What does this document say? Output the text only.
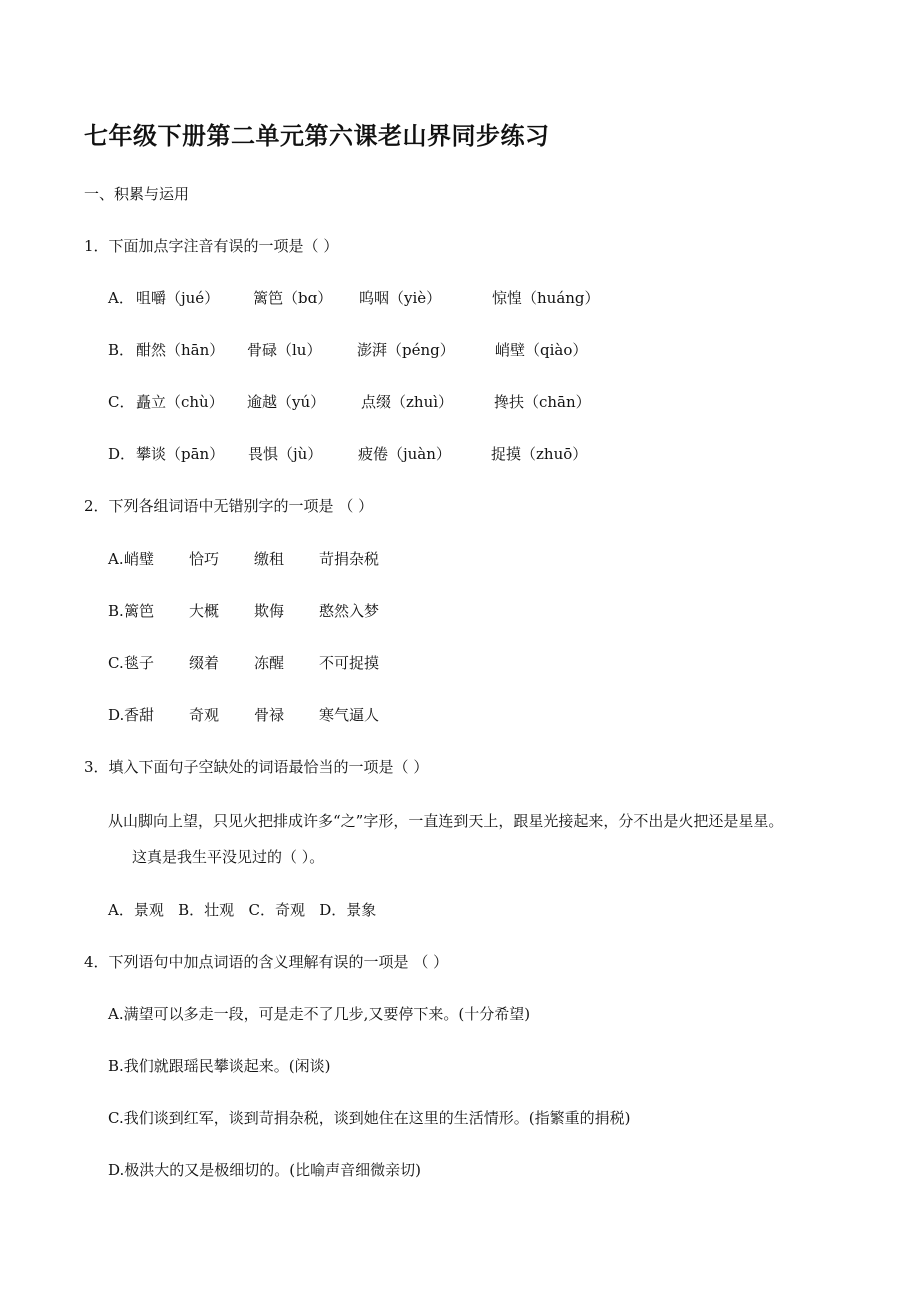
七年级下册第二单元第六课老山界同步练习
一、积累与运用
1．下面加点字注音有误的一项是（ ）
A． 咀嚼（jué） 篱笆（bɑ） 呜咽（yiè）	惊惶（huáng）
B． 酣然（hān） 骨碌（lu） 澎湃（péng）	峭壁（qiào）
C． 矗立（chù） 逾越（yú） 点缀（zhuì）	搀扶（chān）
D． 攀谈（pān） 畏惧（jù） 疲倦（juàn）	捉摸（zhuō）
2．下列各组词语中无错别字的一项是 （ ）
A. 峭璧 恰巧 缴租 苛捐杂税
B. 篱笆 大概 欺侮 憨然入梦
C. 毯子 缀着 冻醒 不可捉摸
D. 香甜 奇观 骨禄 寒气逼人
3．填入下面句子空缺处的词语最恰当的一项是（ ）
从山脚向上望，只见火把排成许多“之”字形，一直连到天上，跟星光接起来，分不出是火把还是星星。
这真是我生平没见过的（ ）。
A．景观   B．壮观   C．奇观   D．景象
4．下列语句中加点词语的含义理解有误的一项是 （ ）
A.满望可以多走一段，可是走不了几步,又要停下来。(十分希望)
B.我们就跟瑶民攀谈起来。(闲谈)
C.我们谈到红军，谈到苛捐杂税，谈到她住在这里的生活情形。(指繁重的捐税)
D.极洪大的又是极细切的。(比喻声音细微亲切)
